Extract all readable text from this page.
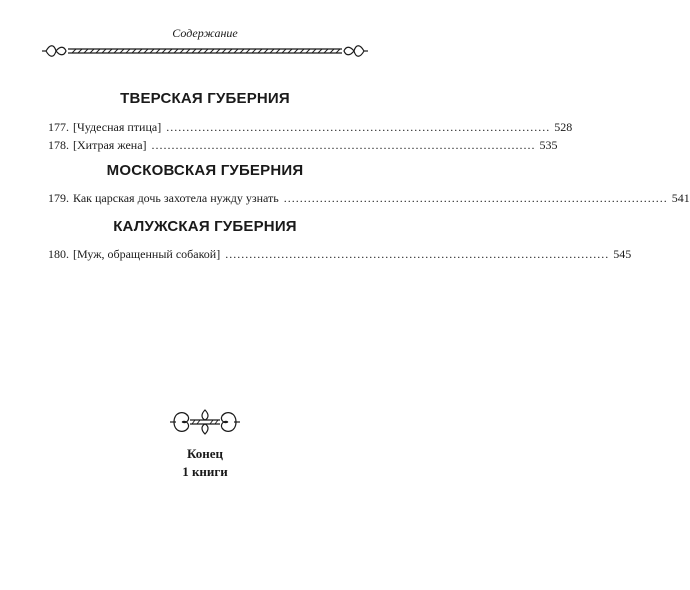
Содержание
ТВЕРСКАЯ ГУБЕРНИЯ
177. [Чудесная птица] ................................................................................................ 528
178. [Хитрая жена] ................................................................................................ 535
МОСКОВСКАЯ ГУБЕРНИЯ
179. Как царская дочь захотела нужду узнать ................................................................................................ 541
КАЛУЖСКАЯ ГУБЕРНИЯ
180. [Муж, обращенный собакой] ................................................................................................ 545
Конец
1 книги
